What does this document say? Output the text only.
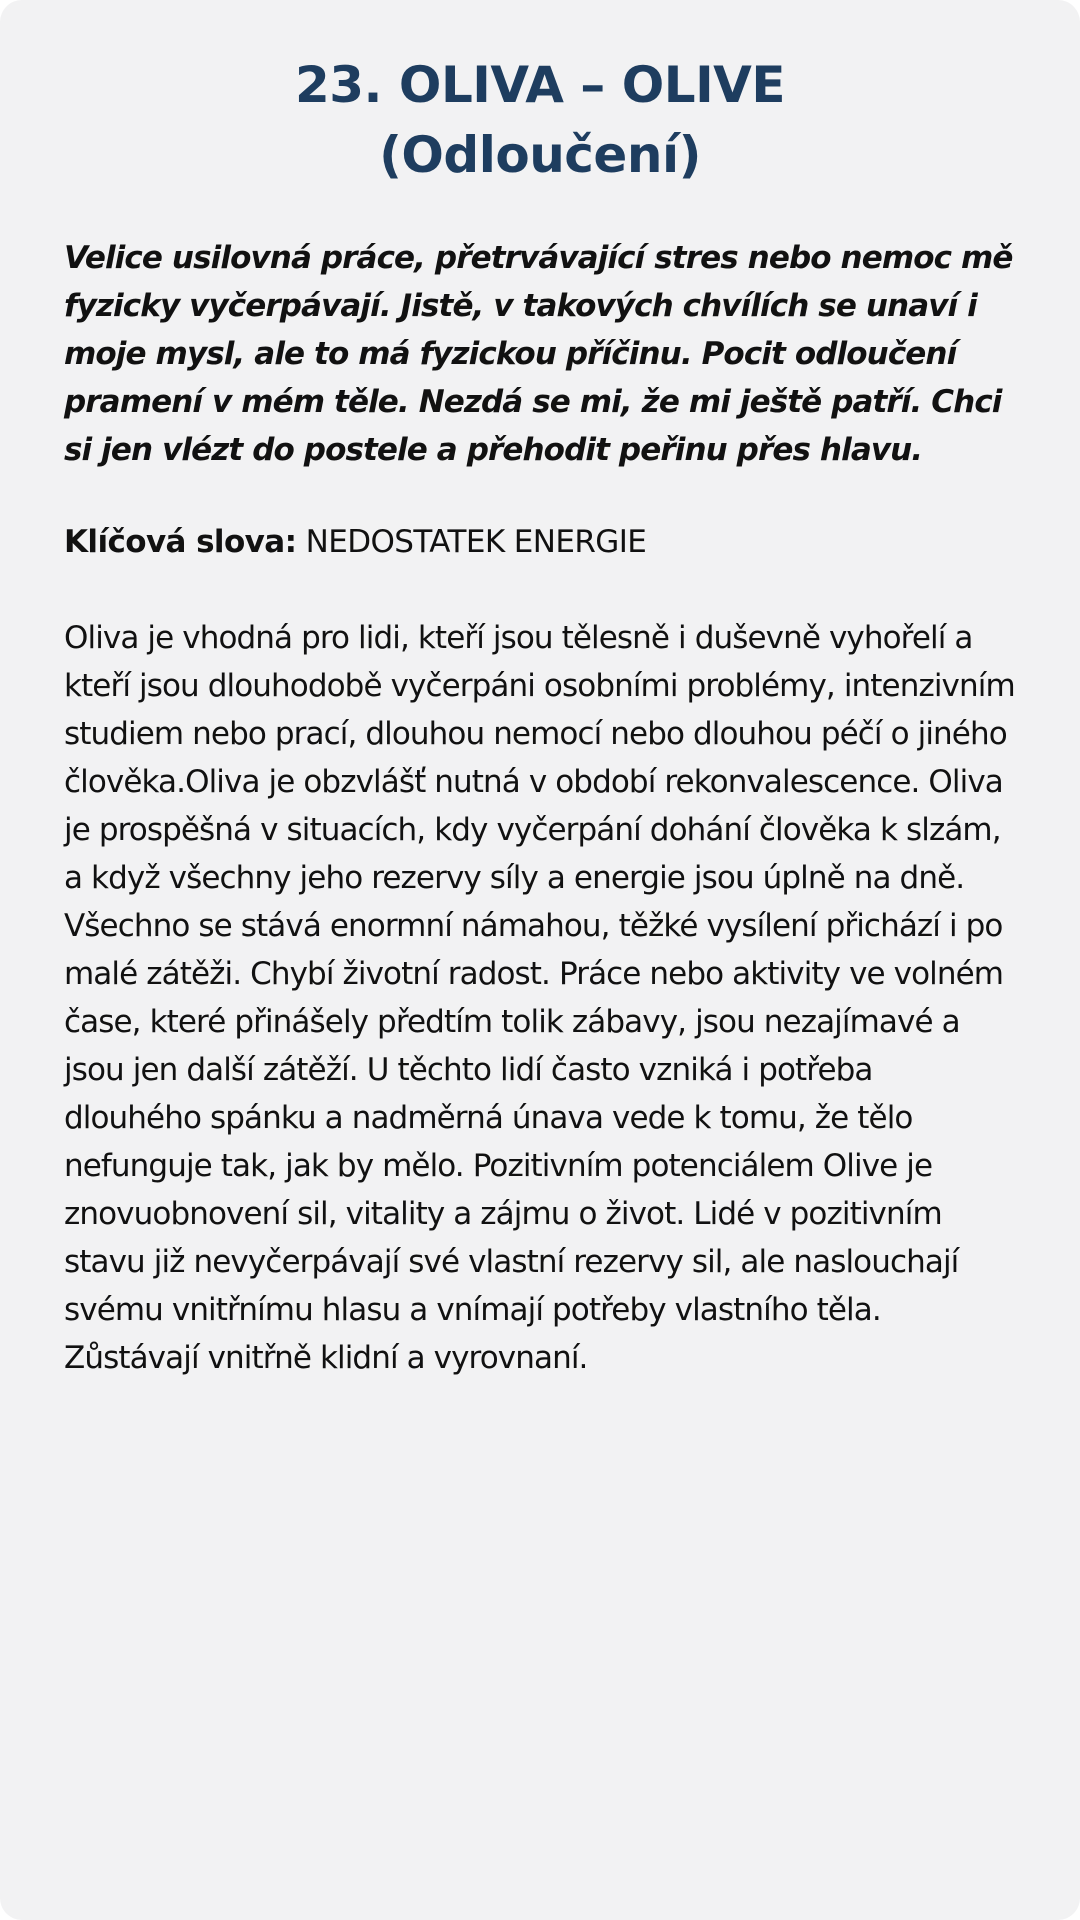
23. OLIVA – OLIVE
(Odloučení)

Velice usilovná práce, přetrvávající stres nebo nemoc mě fyzicky vyčerpávají. Jistě, v takových chvílích se unaví i moje mysl, ale to má fyzickou příčinu. Pocit odloučení pramení v mém těle. Nezdá se mi, že mi ještě patří. Chci si jen vlézt do postele a přehodit peřinu přes hlavu.

Klíčová slova: NEDOSTATEK ENERGIE

Oliva je vhodná pro lidi, kteří jsou tělesně i duševně vyhořelí a kteří jsou dlouhodobě vyčerpáni osobními problémy, intenzivním studiem nebo prací, dlouhou nemocí nebo dlouhou péčí o jiného člověka.Oliva je obzvlášť nutná v období rekonvalescence. Oliva je prospěšná v situacích, kdy vyčerpání dohání člověka k slzám, a když všechny jeho rezervy síly a energie jsou úplně na dně. Všechno se stává enormní námahou, těžké vysílení přichází i po malé zátěži. Chybí životní radost. Práce nebo aktivity ve volném čase, které přinášely předtím tolik zábavy, jsou nezajímavé a jsou jen další zátěží. U těchto lidí často vzniká i potřeba dlouhého spánku a nadměrná únava vede k tomu, že tělo nefunguje tak, jak by mělo. Pozitivním potenciálem Olive je znovuobnovení sil, vitality a zájmu o život. Lidé v pozitivním stavu již nevyčerpávají své vlastní rezervy sil, ale naslouchají svému vnitřnímu hlasu a vnímají potřeby vlastního těla. Zůstávají vnitřně klidní a vyrovnaní.
